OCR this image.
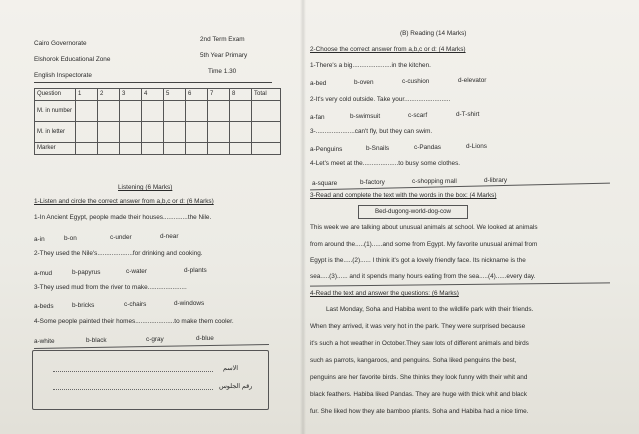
Cairo Governorate
Elshorok Educational Zone
English Inspectorate
2nd Term Exam
5th Year Primary
Time 1.30
Question	1	2	3	4	5	6	7	8	Total
M. in number									
M. in letter									
Marker									
Listening (6 Marks)
1-Listen and circle the correct answer from a,b,c or d: (6 Marks)
1-In Ancient Egypt, people made their houses..............the Nile.
a-in	b-on	c-under	d-near
2-They used the Nile's....................for drinking and cooking.
a-mud	b-papyrus	c-water	d-plants
3-They used mud from the river to make......................
a-beds	b-bricks	c-chairs	d-windows
4-Some people painted their homes......................to make them cooler.
a-white	b-black	c-gray	d-blue
الاسم
رقم الجلوس
(B) Reading (14 Marks)
2-Choose the correct answer from a,b,c or d: (4 Marks)
1-There's a big......................in the kitchen.
a-bed	b-oven	c-cushion	d-elevator
2-It's very cold outside. Take your..........................
a-fan	b-swimsuit	c-scarf	d-T-shirt
3-......................can't fly, but they can swim.
a-Penguins	b-Snails	c-Pandas	d-Lions
4-Let's meet at the....................to busy some clothes.
a-square	b-factory	c-shopping mall	d-library
3-Read and complete the text with the words in the box: (4 Marks)
Bed-dugong-world-dog-cow
This week we are talking about unusual animals at school. We looked at animals
from around the.....(1)......and some from Egypt. My favorite unusual animal from
Egypt is the.....(2)...... I think it's got a lovely friendly face. Its nickname is the
sea.....(3)...... and it spends many hours eating from the sea.....(4)......every day.
4-Read the text and answer the questions: (6 Marks)
Last Monday, Soha and Habiba went to the wildlife park with their friends.
When they arrived, it was very hot in the park. They were surprised because
it's such a hot weather in October.They saw lots of different animals and birds
such as parrots, kangaroos, and penguins. Soha liked penguins the best,
penguins are her favorite birds. She thinks they look funny with their whit and
black feathers. Habiba liked Pandas. They are huge with thick whit and black
fur. She liked how they ate bamboo plants. Soha and Habiba had a nice time.
